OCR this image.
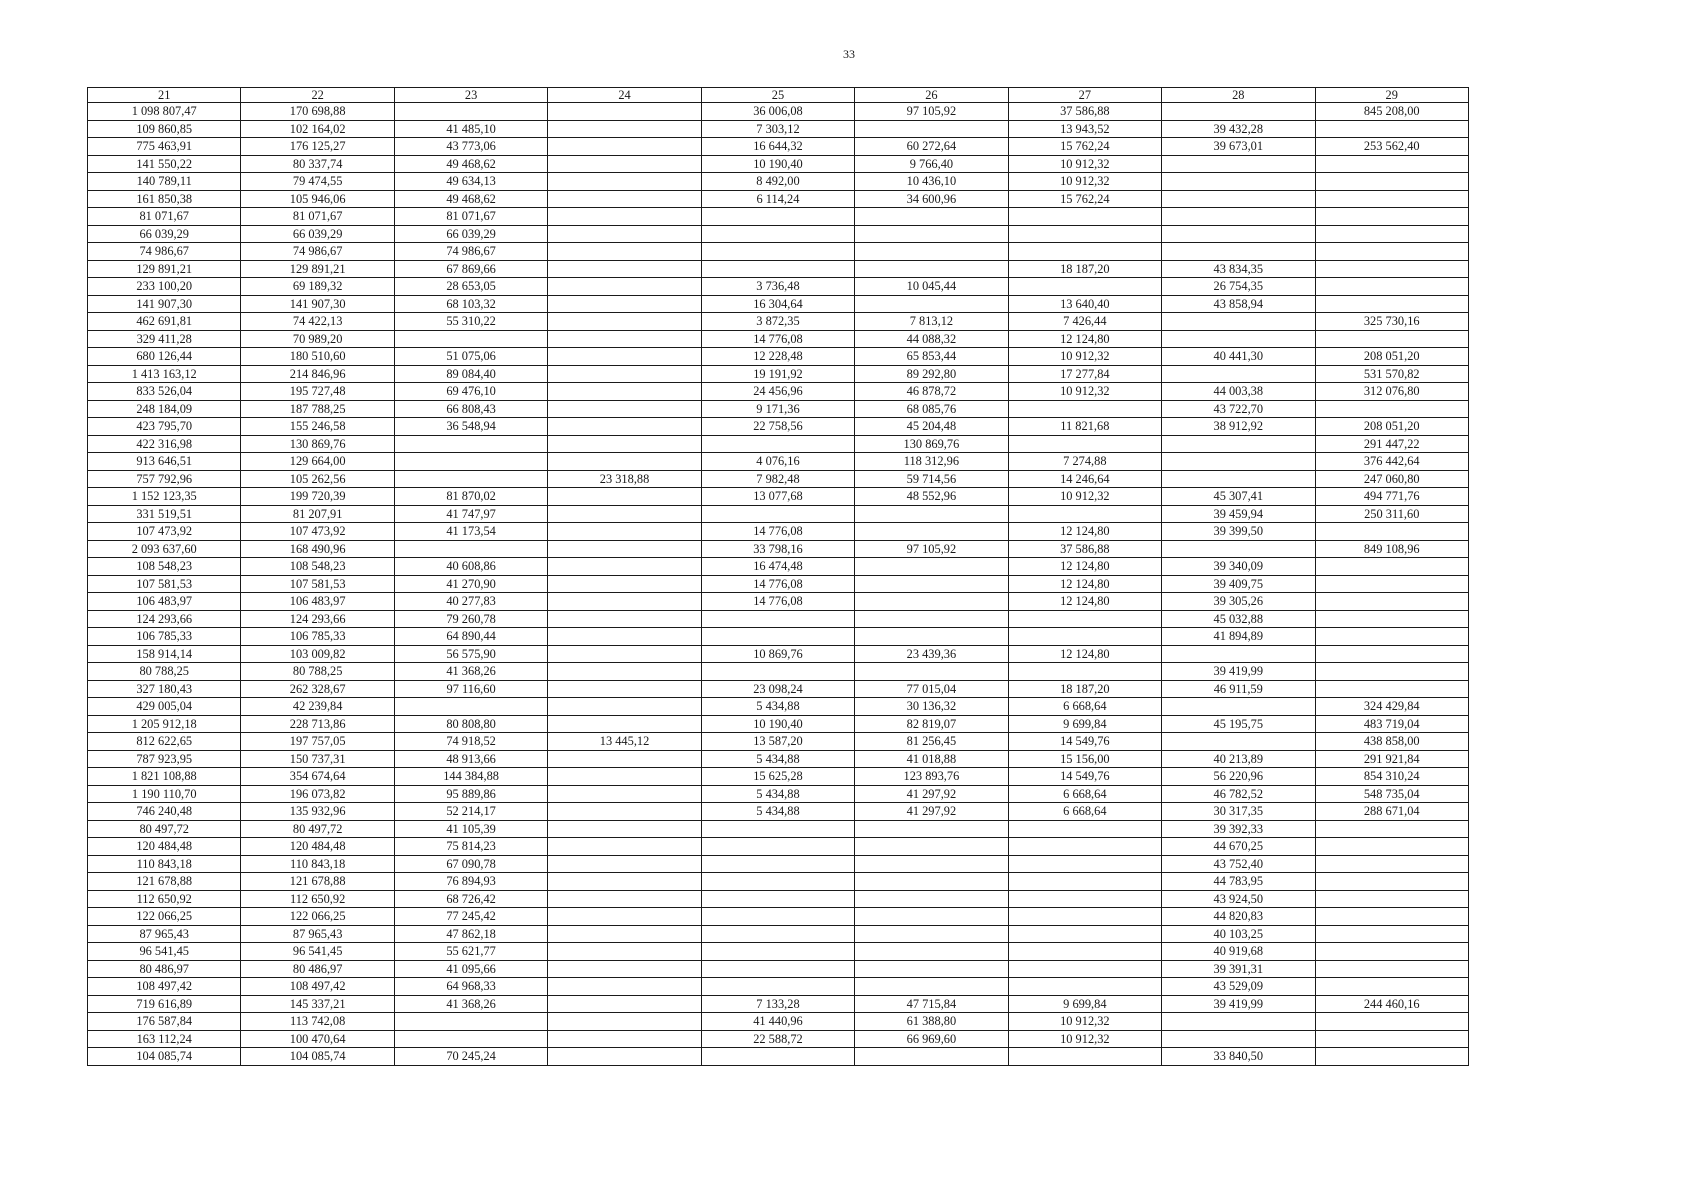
33
21	22	23	24	25	26	27	28	29
1 098 807,47	170 698,88			36 006,08	97 105,92	37 586,88		845 208,00
109 860,85	102 164,02	41 485,10		7 303,12		13 943,52	39 432,28	
775 463,91	176 125,27	43 773,06		16 644,32	60 272,64	15 762,24	39 673,01	253 562,40
141 550,22	80 337,74	49 468,62		10 190,40	9 766,40	10 912,32		
140 789,11	79 474,55	49 634,13		8 492,00	10 436,10	10 912,32		
161 850,38	105 946,06	49 468,62		6 114,24	34 600,96	15 762,24		
81 071,67	81 071,67	81 071,67						
66 039,29	66 039,29	66 039,29						
74 986,67	74 986,67	74 986,67						
129 891,21	129 891,21	67 869,66				18 187,20	43 834,35	
233 100,20	69 189,32	28 653,05		3 736,48	10 045,44		26 754,35	
141 907,30	141 907,30	68 103,32		16 304,64		13 640,40	43 858,94	
462 691,81	74 422,13	55 310,22		3 872,35	7 813,12	7 426,44		325 730,16
329 411,28	70 989,20			14 776,08	44 088,32	12 124,80		
680 126,44	180 510,60	51 075,06		12 228,48	65 853,44	10 912,32	40 441,30	208 051,20
1 413 163,12	214 846,96	89 084,40		19 191,92	89 292,80	17 277,84		531 570,82
833 526,04	195 727,48	69 476,10		24 456,96	46 878,72	10 912,32	44 003,38	312 076,80
248 184,09	187 788,25	66 808,43		9 171,36	68 085,76		43 722,70	
423 795,70	155 246,58	36 548,94		22 758,56	45 204,48	11 821,68	38 912,92	208 051,20
422 316,98	130 869,76				130 869,76			291 447,22
913 646,51	129 664,00			4 076,16	118 312,96	7 274,88		376 442,64
757 792,96	105 262,56		23 318,88	7 982,48	59 714,56	14 246,64		247 060,80
1 152 123,35	199 720,39	81 870,02		13 077,68	48 552,96	10 912,32	45 307,41	494 771,76
331 519,51	81 207,91	41 747,97					39 459,94	250 311,60
107 473,92	107 473,92	41 173,54		14 776,08		12 124,80	39 399,50	
2 093 637,60	168 490,96			33 798,16	97 105,92	37 586,88		849 108,96
108 548,23	108 548,23	40 608,86		16 474,48		12 124,80	39 340,09	
107 581,53	107 581,53	41 270,90		14 776,08		12 124,80	39 409,75	
106 483,97	106 483,97	40 277,83		14 776,08		12 124,80	39 305,26	
124 293,66	124 293,66	79 260,78					45 032,88	
106 785,33	106 785,33	64 890,44					41 894,89	
158 914,14	103 009,82	56 575,90		10 869,76	23 439,36	12 124,80		
80 788,25	80 788,25	41 368,26					39 419,99	
327 180,43	262 328,67	97 116,60		23 098,24	77 015,04	18 187,20	46 911,59	
429 005,04	42 239,84			5 434,88	30 136,32	6 668,64		324 429,84
1 205 912,18	228 713,86	80 808,80		10 190,40	82 819,07	9 699,84	45 195,75	483 719,04
812 622,65	197 757,05	74 918,52	13 445,12	13 587,20	81 256,45	14 549,76		438 858,00
787 923,95	150 737,31	48 913,66		5 434,88	41 018,88	15 156,00	40 213,89	291 921,84
1 821 108,88	354 674,64	144 384,88		15 625,28	123 893,76	14 549,76	56 220,96	854 310,24
1 190 110,70	196 073,82	95 889,86		5 434,88	41 297,92	6 668,64	46 782,52	548 735,04
746 240,48	135 932,96	52 214,17		5 434,88	41 297,92	6 668,64	30 317,35	288 671,04
80 497,72	80 497,72	41 105,39					39 392,33	
120 484,48	120 484,48	75 814,23					44 670,25	
110 843,18	110 843,18	67 090,78					43 752,40	
121 678,88	121 678,88	76 894,93					44 783,95	
112 650,92	112 650,92	68 726,42					43 924,50	
122 066,25	122 066,25	77 245,42					44 820,83	
87 965,43	87 965,43	47 862,18					40 103,25	
96 541,45	96 541,45	55 621,77					40 919,68	
80 486,97	80 486,97	41 095,66					39 391,31	
108 497,42	108 497,42	64 968,33					43 529,09	
719 616,89	145 337,21	41 368,26		7 133,28	47 715,84	9 699,84	39 419,99	244 460,16
176 587,84	113 742,08			41 440,96	61 388,80	10 912,32		
163 112,24	100 470,64			22 588,72	66 969,60	10 912,32		
104 085,74	104 085,74	70 245,24					33 840,50	
